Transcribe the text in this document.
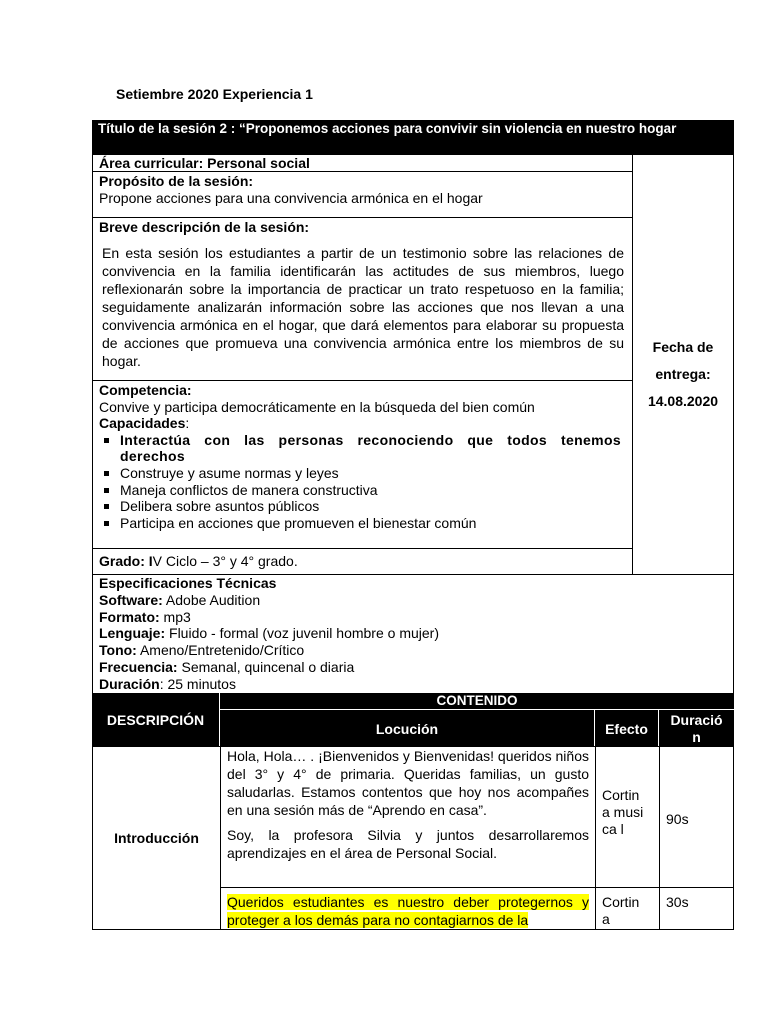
Setiembre 2020 Experiencia 1
Título de la sesión 2 : “Proponemos acciones para convivir sin violencia en nuestro hogar
Área curricular: Personal social
Propósito de la sesión:
Propone acciones para una convivencia armónica en el hogar
Breve descripción de la sesión:

En esta sesión los estudiantes a partir de un testimonio sobre las relaciones de convivencia en la familia identificarán las actitudes de sus miembros, luego reflexionarán sobre la importancia de practicar un trato respetuoso en la familia; seguidamente analizarán información sobre las acciones que nos llevan a una convivencia armónica en el hogar, que dará elementos para elaborar su propuesta de acciones que promueva una convivencia armónica entre los miembros de su hogar.

Competencia:
Convive y participa democráticamente en la búsqueda del bien común
Capacidades:
Interactúa con las personas reconociendo que todos tenemos derechos
Construye y asume normas y leyes
Maneja conflictos de manera constructiva
Delibera sobre asuntos públicos
Participa en acciones que promueven el bienestar común
Grado: IV Ciclo – 3° y 4° grado.
Fecha de
entrega:
14.08.2020
Especificaciones Técnicas
Software: Adobe Audition
Formato: mp3
Lenguaje: Fluido - formal (voz juvenil hombre o mujer)
Tono: Ameno/Entretenido/Crítico
Frecuencia: Semanal, quincenal o diaria
Duración: 25 minutos
DESCRIPCIÓN
CONTENIDO
Locución	Efecto
Duració
n
Introducción

Hola, Hola… . ¡Bienvenidos y Bienvenidas! queridos niños del 3° y 4° de primaria. Queridas familias, un gusto saludarlas. Estamos contentos que hoy nos acompañes en una sesión más de “Aprendo en casa”.

Soy, la profesora Silvia y juntos desarrollaremos aprendizajes en el área de Personal Social.

Cortin a musica l
90s
Queridos estudiantes es nuestro deber protegernos y proteger a los demás para no contagiarnos de la
Cortin a
30s
